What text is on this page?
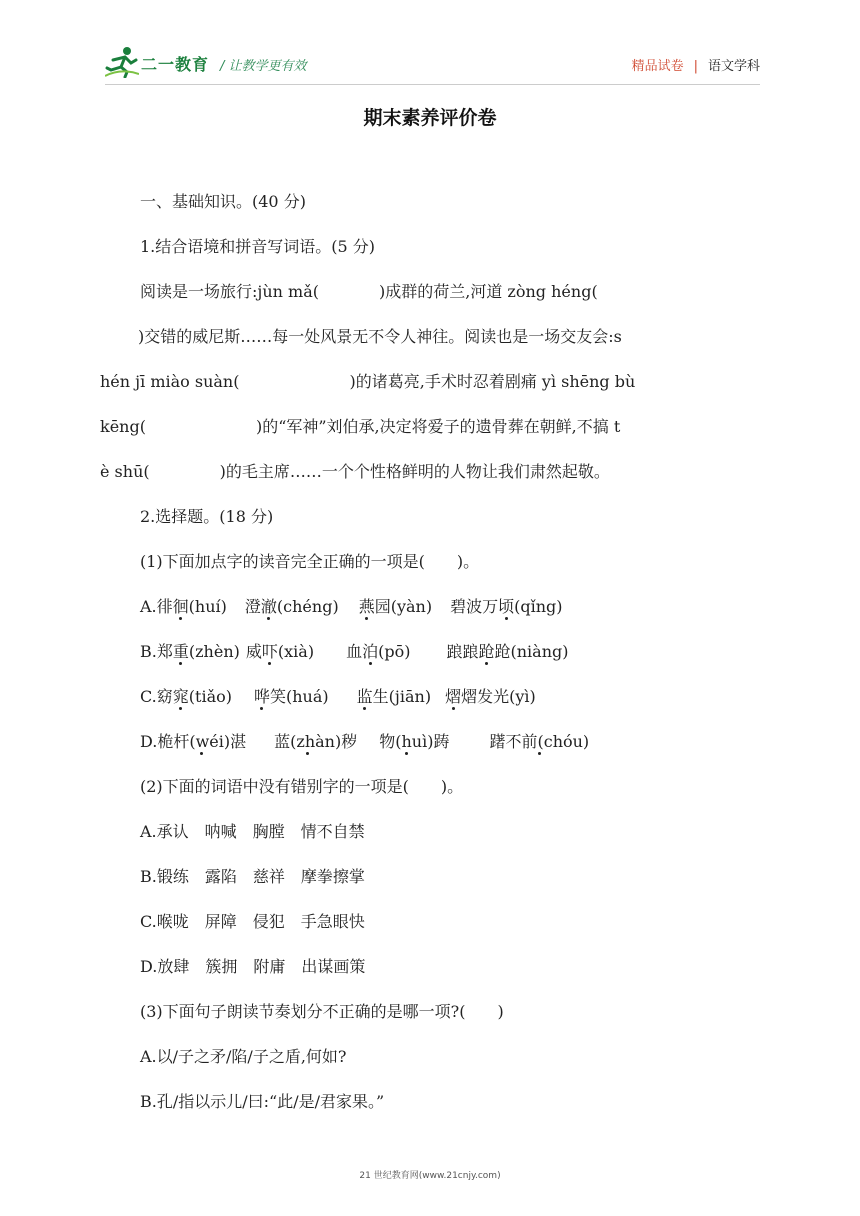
二一教育 / 让教学更有效	精品试卷 | 语文学科
期末素养评价卷
一、基础知识。(40 分)
1.结合语境和拼音写词语。(5 分)
阅读是一场旅行:jùn mǎ(	)成群的荷兰,河道 zòng héng(
)交错的威尼斯……每一处风景无不令人神往。阅读也是一场交友会:s
hén jī miào suàn(	)的诸葛亮,手术时忍着剧痛 yì shēng bù
kēng(	)的“军神”刘伯承,决定将爱子的遗骨葬在朝鲜,不搞 t
è shū(	)的毛主席……一个个性格鲜明的人物让我们肃然起敬。
2.选择题。(18 分)
(1)下面加点字的读音完全正确的一项是(　　)。
A.徘徊(huí) 澄澈(chéng) 燕园(yàn) 碧波万顷(qǐng)
B.郑重(zhèn) 威吓(xià) 血泊(pō) 踉踉跄跄(niàng)
C.窈窕(tiǎo) 哗笑(huá) 监生(jiān) 熠熠发光(yì)
D.桅杆(wéi)湛 蓝(zhàn)秽 物(huì)踌	躇不前(chóu)
(2)下面的词语中没有错别字的一项是(　　)。
A.承认　呐喊　胸膛　情不自禁
B.锻练　露陷　慈祥　摩拳擦掌
C.喉咙　屏障　侵犯　手急眼快
D.放肆　簇拥　附庸　出谋画策
(3)下面句子朗读节奏划分不正确的是哪一项?(　　)
A.以/子之矛/陷/子之盾,何如?
B.孔/指以示儿/曰:“此/是/君家果。”
21 世纪教育网(www.21cnjy.com)
